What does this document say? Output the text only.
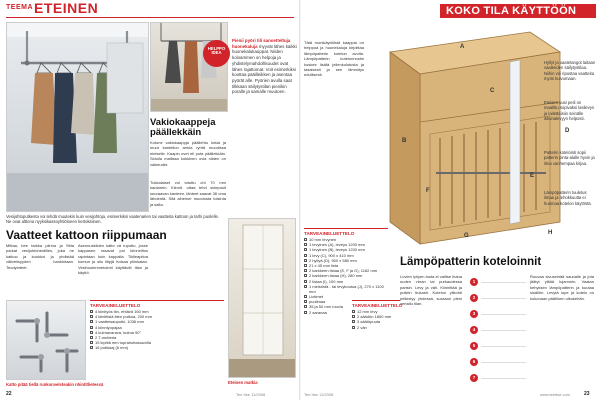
TEEMA ETEINEN	KOKO TILA KÄYTTÖÖN
HELPPO IDEA
Pienii pyöri tili sanoetteltuja huonekaluja myyvät lähes kaikki huonekalukauppat. Niiden koloammen on helpoja ja yhdistelymahdollisuudet ovat lähes rajattomat. Voit esimerkiksi koottaa pääilleikken ja asentaa pyörät alle. Pyörien avulla saat tilkkaan säilytystilan pienikin poralle ja samalle muutoen.
Vesijohtoputkesta voi tehdä muutekin kuin vesijohtoja, esimerkiksi vaatenarien tai vaatteita kattoon ja tarhi puolelle. Ne ovat alttona nyyksikassoyhtiöineen kertoksiinen.
Vaatteet kattoon riippumaan
Mittaa, bee tarkka piirros ja Sitta parkat vesijohtoheidilles, joka ne katkoo ja kuokkoi ja yhdistää välivelisyyden hankintaan. Teodyinteet.
Asennuskiiden katto vä ruputtu, josse kappasen rasavat poi kiinnelitos rapintaan kuin kappalla. Tiklleapitoa komun ja siis iltipjä hoisaa pliinkatan. Vesihuolenmetoimit käyttävät tilan ja käyttö.
TARVEAINELUETTELO
4 kiinityös tiin, ehtävä 160 mm
4 kiinittisiä itten putkoa, 200 mm
1 vaatteisaoputki, 1036 mm
4 kiinntyopajaa
4 kulmavarava, kulma 90°
2 T-mutteria
15 kipitiä mm tuprahuttasuuvilla
16 putkiaaj (6 mm)
Katto pitää tiellä runkonvelsteakin nhintitlietessä
Vakiokaappeja päällekkäin
Kotone vakiokaappja päällehtu loisia ja muut kanteilun armia ryhtä muodissa eteiselle. Kaapin ovet eli puta päällekkäin. Sidolla mallissa kokkinen ovia niiden on vaikeudet.
Tukkalaiset voi totuttu ohi 70 mm kautarein. Kiinnit. ottaa tehd sideposit seuraavan kanteen, lähteet saavat 38 oma lähdentä. Sitä aiheiner muodosta toisinta ja salta.
Eteinen matkia
TARVEAINELUETTELO
10 mm levynen
1 levyinen (A), leveys 1200 mm
1 levyinen (B), leveys 1200 mm
1 levy (C), 900 x 410 mm
2 hyllyä (D), 900 x 580 mm
21 x 45 mm lista
2 karkkeen listaa (E, F ja G), 1162 mm
2 karkkeen listaa (H), 280 mm
2 listaa (I), 100 mm
1 meistintä - tai levykoutua (J), 270 x 1100 mm
Liotimet
puulimaa
35 ja 50 mm ruuvia
2 saranaa
Tätä monikäyttöistä kaappia on helppoa ja huonekaluja kirjoittaa lämpöpatterin kotelon avulla. Lämpöpatterin kotelonnostin koskee lisätä jeilenkulutusta ja tasaisesti ja sen lämmitys edullisesti.
A
B
C
D
E
F
G	H
Hyllyt ja vaatetangot laitaan vaatteiden säilytystilaa. Niihin voi ripustaa vaatteita myös kuivumaan.
Eteisen uusi peili on maalittu sopivaksi lasilevyn ja laitettaisiin seinälle ikkunalevyyn helposti.
Patterin kotelointi sopii patterin pinta-alalle hyvin ja ilma vanhempaa kirjaa.
Lämpöpatterin tuuletus ilmaa ja tehokkuutta ei huomaa kotelon käytöstä.
Lämpöpatterin koteloinnit
Lovien lyhyen lauta ei valitse ihana uuden virran tai purkaudessa parisin. Levy ja väri. Kiinnittää ja putkiin tiukasti. Kotelon ylikohti pelkistyy yhdessä, suoraan pieni vertailu tilan.
Ruuvaa sivuseinää saunalle ja jota jäätyt ylitää lujammin. Vaatan kehyksen lämpöpatterin ja kuutaa sisällön. Levytä lope ja kotelo on kokonaan päällinen ulkokehän.
1
2
3
4
5
6
7
TARVEAINELUETTELO
12 mm levy
2 säädön 1800 mm
3 säätöpuuta
2 väri
22	Tee Itse 11/2008	Tee Itse 11/2008	www.teeitse.com	23
